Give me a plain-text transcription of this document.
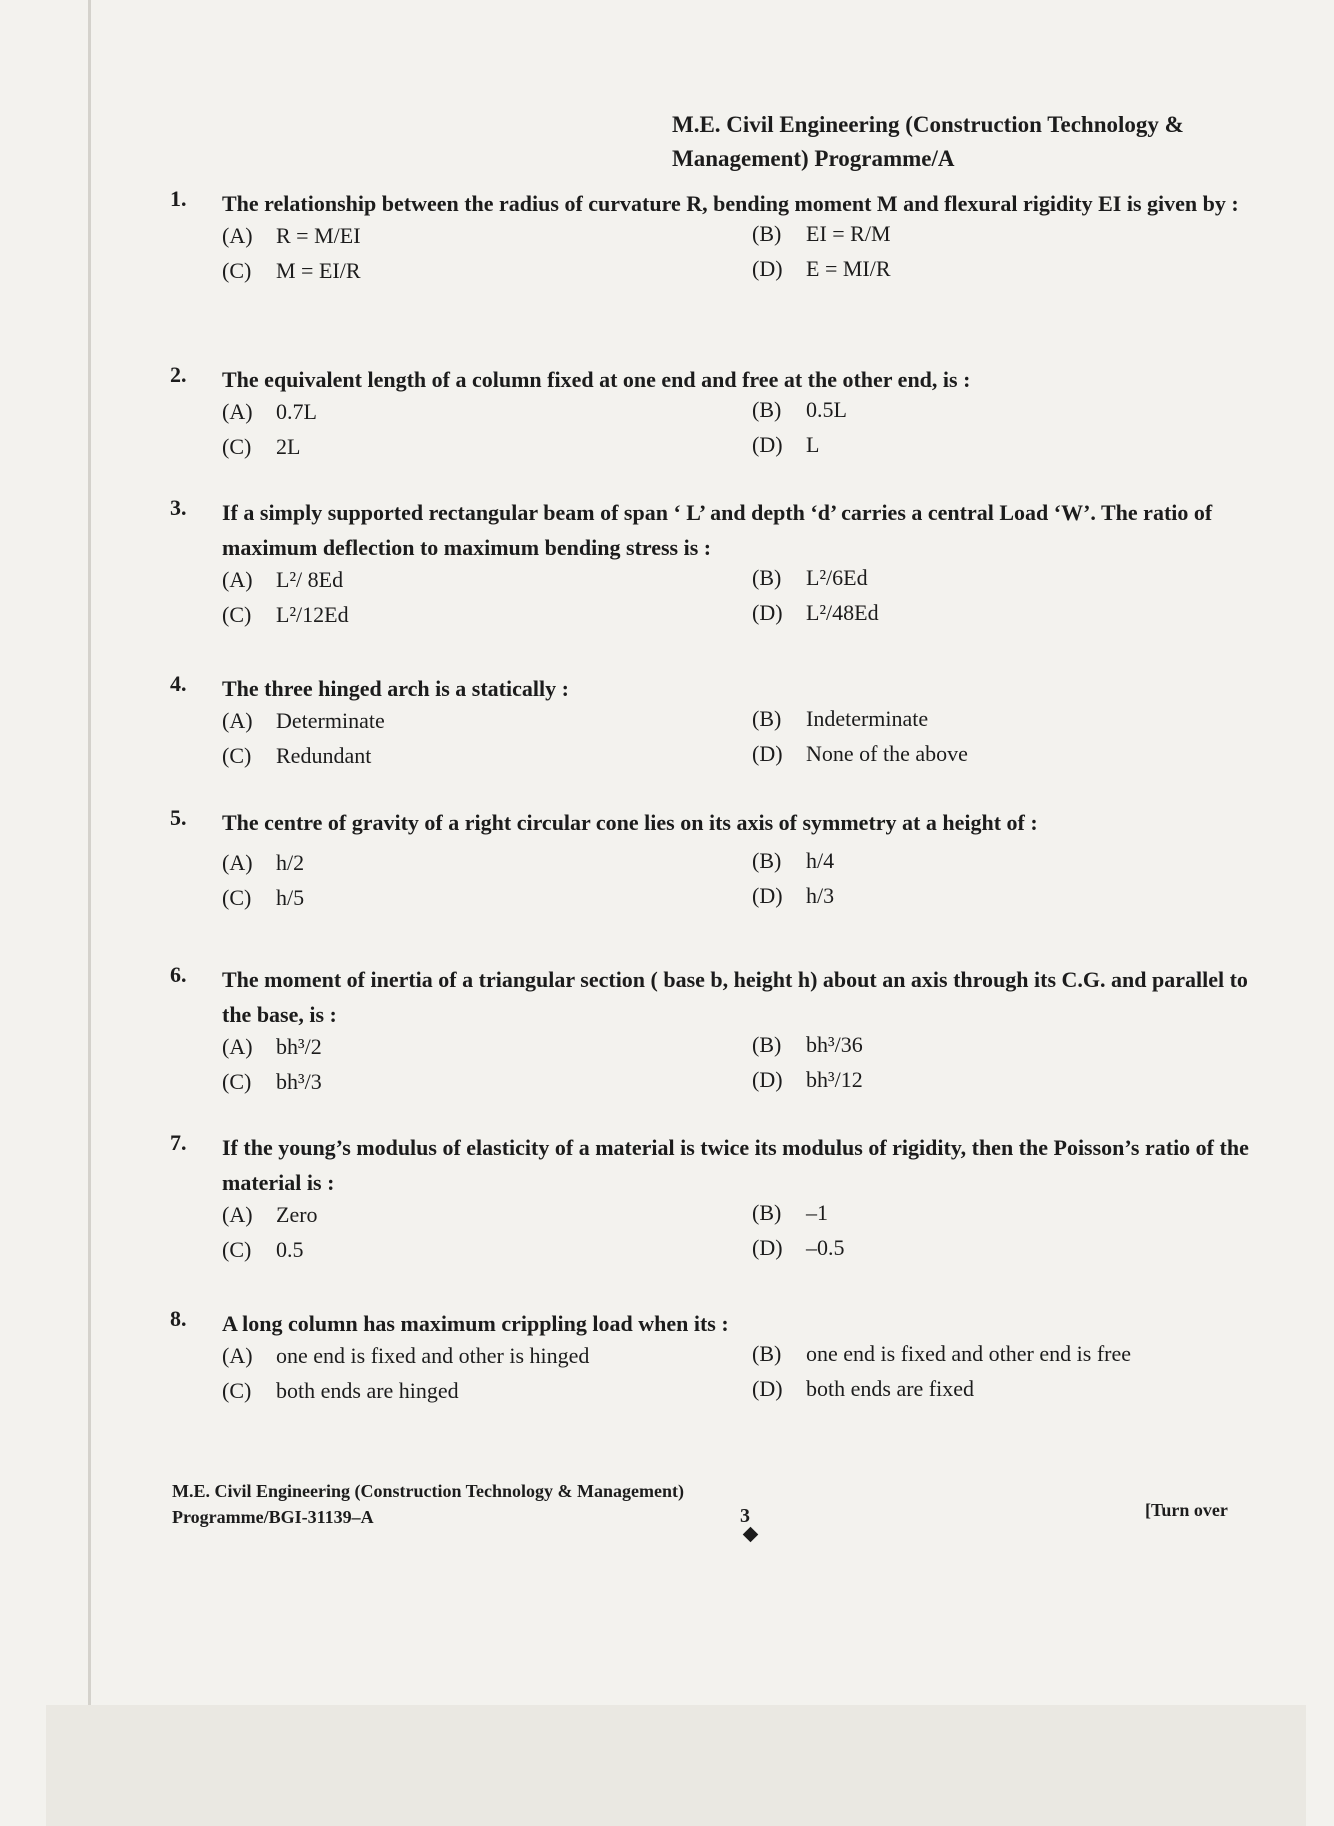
M.E. Civil Engineering (Construction Technology & Management) Programme/A
1. The relationship between the radius of curvature R, bending moment M and flexural rigidity EI is given by :
(A) R = M/EI	(B) EI = R/M
(C) M = EI/R	(D) E = MI/R
2. The equivalent length of a column fixed at one end and free at the other end, is :
(A) 0.7L	(B) 0.5L
(C) 2L	(D) L
3. If a simply supported rectangular beam of span ‘ L’ and depth ‘d’ carries a central Load ‘W’. The ratio of maximum deflection to maximum bending stress is :
(A) L²/ 8Ed	(B) L²/6Ed
(C) L²/12Ed	(D) L²/48Ed
4. The three hinged arch is a statically :
(A) Determinate	(B) Indeterminate
(C) Redundant	(D) None of the above
5. The centre of gravity of a right circular cone lies on its axis of symmetry at a height of :
(A) h/2	(B) h/4
(C) h/5	(D) h/3
6. The moment of inertia of a triangular section ( base b, height h) about an axis through its C.G. and parallel to the base, is :
(A) bh³/2	(B) bh³/36
(C) bh³/3	(D) bh³/12
7. If the young’s modulus of elasticity of a material is twice its modulus of rigidity, then the Poisson’s ratio of the material is :
(A) Zero	(B) –1
(C) 0.5	(D) –0.5
8. A long column has maximum crippling load when its :
(A) one end is fixed and other is hinged	(B) one end is fixed and other end is free
(C) both ends are hinged	(D) both ends are fixed
M.E. Civil Engineering (Construction Technology & Management) Programme/BGI-31139–A	3	[Turn over
